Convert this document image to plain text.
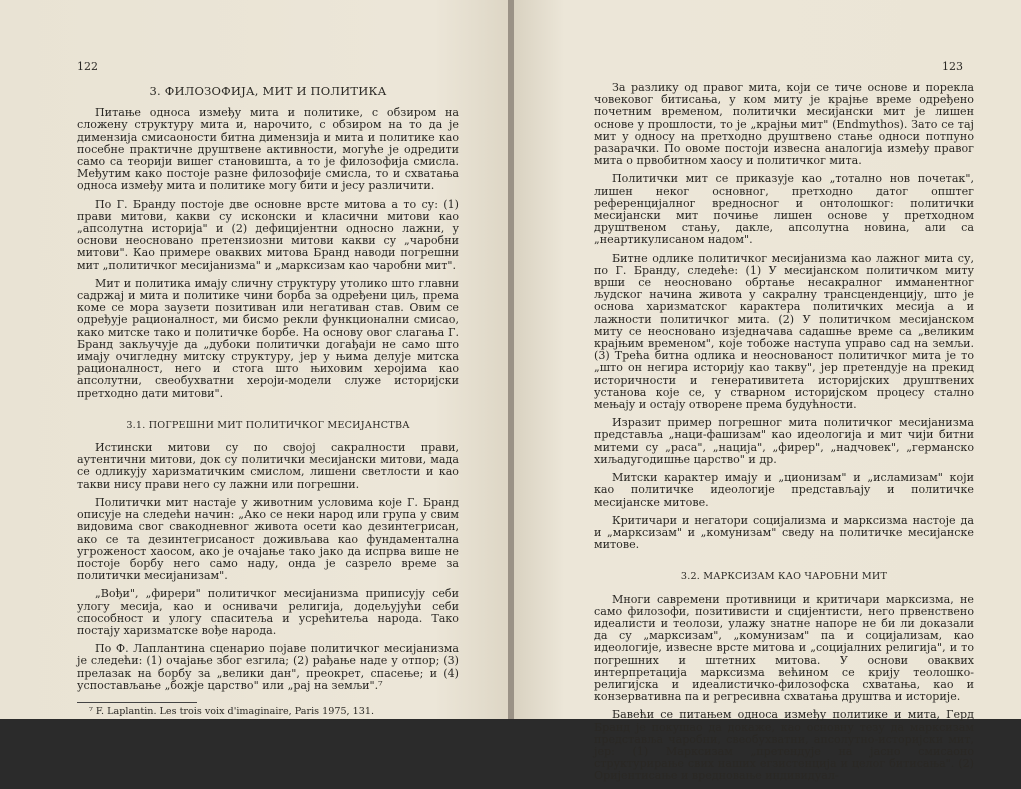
122
3. ФИЛОЗОФИЈА, МИТ И ПОЛИТИКА

Питање односа између мита и политике, с обзиром на сложену структуру мита и, нарочито, с обзиром на то да је димензија смисаоности битна димензија и мита и политике као посебне практичне друштвене активности, могуће је одредити само са теорији вишег становишта, а то је филозофија смисла. Међутим како постоје разне филозофије смисла, то и схватања односа између мита и политике могу бити и јесу различити.

По Г. Бранду постоје две основне врсте митова а то су: (1) прави митови, какви су исконски и класични митови као „апсолутна историја" и (2) дефицијентни односно лажни, у основи неосновано претензиозни митови какви су „чаробни митови". Као примере оваквих митова Бранд наводи погрешни мит „политичког месијанизма" и „марксизам као чаробни мит".

Мит и политика имају сличну структуру утолико што главни садржај и мита и политике чини борба за одређени циљ, према коме се мора заузети позитиван или негативан став. Овим се одређује рационалност, ми бисмо рекли функционални смисао, како митске тако и политичке борбе. На основу овог слагања Г. Бранд закључује да „дубоки политички догађаји не само што имају очигледну митску структуру, јер у њима делује митска рационалност, него и стога што њиховим херојима као апсолутни, свеобухватни хероји-модели служе историјски претходно дати митови".

3.1. ПОГРЕШНИ МИТ ПОЛИТИЧКОГ МЕСИЈАНСТВА

Истински митови су по својој сакралности прави, аутентични митови, док су политички месијански митови, мада се одликују харизматичким смислом, лишени светлости и као такви нису прави него су лажни или погрешни.

Политички мит настаје у животним условима које Г. Бранд описује на следећи начин: „Ако се неки народ или група у свим видовима свог свакодневног живота осети као дезинтегрисан, ако се та дезинтегрисаност доживљава као фундаментална угроженост хаосом, ако је очајање тако јако да испрва више не постоје борбу него само наду, онда је сазрело време за политички месијанизам".

„Вођи", „фирери" политичког месијанизма приписују себи улогу месија, као и оснивачи религија, додељујући себи способност и улогу спаситеља и усрећитеља народа. Тако постају харизматске вође народа.

По Ф. Лаплантина сценарио појаве политичког месијанизма је следећи: (1) очајање због езгила; (2) рађање наде у отпор; (3) прелазак на борбу за „велики дан", преокрет, спасење; и (4) успостављање „божје царство" или „рај на земљи".⁷

⁷ F. Laplantin. Les trois voix d'imaginaire, Paris 1975, 131.

123

За разлику од правог мита, који се тиче основе и порекла човековог битисања, у ком миту је крајње време одређено почетним временом, политички месијански мит је лишен основе у прошлости, то је „крајњи мит" (Endmythos). Зато се тај мит у односу на претходно друштвено стање односи потпуно разарачки. По овоме постоји извесна аналогија између правог мита о првобитном хаосу и политичког мита.

Политички мит се приказује као „тотално нов почетак", лишен неког основног, претходно датог општег референцијалног вредносног и онтолошког: политички месијански мит почиње лишен основе у претходном друштвеном стању, дакле, апсолутна новина, али са „неартикулисаном надом".

Битне одлике политичког месијанизма као лажног мита су, по Г. Бранду, следеће: (1) У месијанском политичком миту врши се неосновано обртање несакралног имманентног људског начина живота у сакралну трансценденцију, што је основа харизматског карактера политичких месија а и лажности политичког мита. (2) У политичком месијанском миту се неосновано изједначава садашње време са „великим крајњим временом", које тобоже наступа управо сад на земљи. (3) Трећа битна одлика и неоснованост политичког мита је то „што он негира историју као такву", јер претендује на прекид историчности и генеративитета историјских друштвених установа које се, у стварном историјском процесу стално мењају и остају отворене према будућности.

Изразит пример погрешног мита политичког месијанизма представља „наци-фашизам" као идеологија и мит чији битни митеми су „раса", „нација", „фирер", „надчовек", „германско хиљадугодишње царство" и др.

Митски карактер имају и „ционизам" и „исламизам" који као политичке идеологије представљају и политичке месијанске митове.

Критичари и негатори социјализма и марксизма настоје да и „марксизам" и „комунизам" сведу на политичке месијанске митове.

3.2. МАРКСИЗАМ КАО ЧАРОБНИ МИТ

Многи савремени противници и критичари марксизма, не само филозофи, позитивисти и сцијентисти, него првенствено идеалисти и теолози, улажу знатне напоре не би ли доказали да су „марксизам", „комунизам" па и социјализам, као идеологије, извесне врсте митова и „социјалних религија", и то погрешних и штетних митова. У основи оваквих интерпретација марксизма већином се крију теолошко-религијска и идеалистичко-филозофска схватања, као и конзервативна па и регресивна схватања друштва и историје.

Бавећи се питањем односа између политике и мита, Герд Бранд је покушао да докаже, као основну тезу да марксизам представља чаробни, свеобухватни, апсолутно-историјски мит, јер: (1) Марксизам „претендује на јасно смисаоно структурирање свих наших егзистенција и целог битисања". (2) Оријентисање и вредновање индивидуал-
